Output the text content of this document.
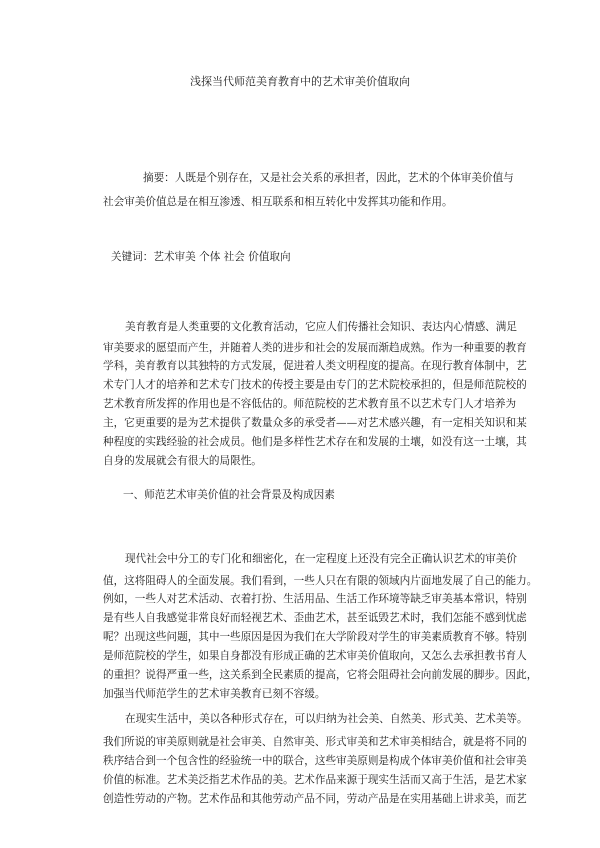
浅探当代师范美育教育中的艺术审美价值取向
摘要：人既是个别存在，又是社会关系的承担者，因此，艺术的个体审美价值与
社会审美价值总是在相互渗透、相互联系和相互转化中发挥其功能和作用。
关键词：艺术审美 个体 社会 价值取向
美育教育是人类重要的文化教育活动，它应人们传播社会知识、表达内心情感、满足
审美要求的愿望而产生，并随着人类的进步和社会的发展而渐趋成熟。作为一种重要的教育
学科，美育教育以其独特的方式发展，促进着人类文明程度的提高。在现行教育体制中，艺
术专门人才的培养和艺术专门技术的传授主要是由专门的艺术院校承担的，但是师范院校的
艺术教育所发挥的作用也是不容低估的。师范院校的艺术教育虽不以艺术专门人才培养为
主，它更重要的是为艺术提供了数量众多的承受者——对艺术感兴趣，有一定相关知识和某
种程度的实践经验的社会成员。他们是多样性艺术存在和发展的土壤，如没有这一土壤，其
自身的发展就会有很大的局限性。
一、师范艺术审美价值的社会背景及构成因素
现代社会中分工的专门化和细密化，在一定程度上还没有完全正确认识艺术的审美价
值，这将阻碍人的全面发展。我们看到，一些人只在有限的领域内片面地发展了自己的能力。
例如，一些人对艺术活动、衣着打扮、生活用品、生活工作环境等缺乏审美基本常识，特别
是有些人自我感觉非常良好而轻视艺术、歪曲艺术，甚至诋毁艺术时，我们怎能不感到忧虑
呢？出现这些问题，其中一些原因是因为我们在大学阶段对学生的审美素质教育不够。特别
是师范院校的学生，如果自身都没有形成正确的艺术审美价值取向，又怎么去承担教书育人
的重担？说得严重一些，这关系到全民素质的提高，它将会阻碍社会向前发展的脚步。因此，
加强当代师范学生的艺术审美教育已刻不容缓。
在现实生活中，美以各种形式存在，可以归纳为社会美、自然美、形式美、艺术美等。
我们所说的审美原则就是社会审美、自然审美、形式审美和艺术审美相结合，就是将不同的
秩序结合到一个包含性的经验统一中的联合，这些审美原则是构成个体审美价值和社会审美
价值的标准。艺术美泛指艺术作品的美。艺术作品来源于现实生活而又高于生活，是艺术家
创造性劳动的产物。艺术作品和其他劳动产品不同，劳动产品是在实用基础上讲求美，而艺
